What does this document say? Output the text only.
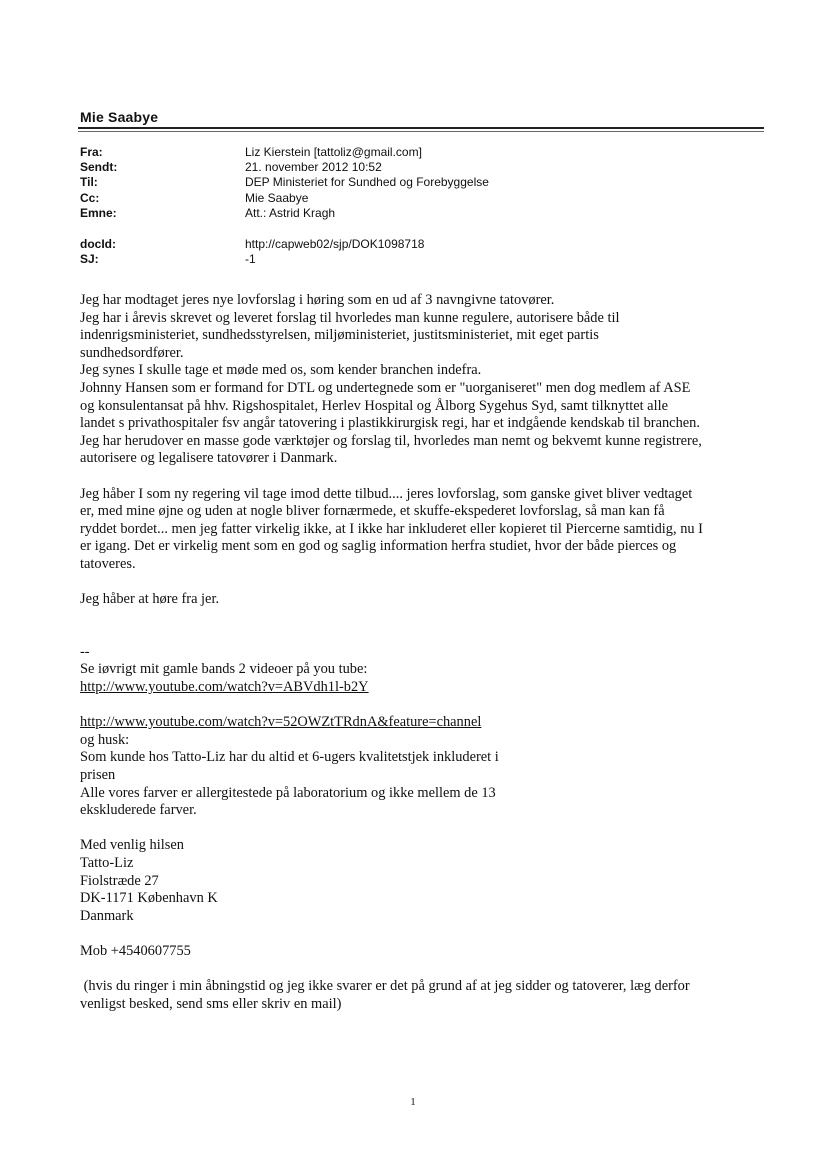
Mie Saabye
Fra:	Liz Kierstein [tattoliz@gmail.com]
Sendt:	21. november 2012 10:52
Til:	DEP Ministeriet for Sundhed og Forebyggelse
Cc:	Mie Saabye
Emne:	Att.: Astrid Kragh
docId:	http://capweb02/sjp/DOK1098718
SJ:	-1

Jeg har modtaget jeres nye lovforslag i høring som en ud af 3 navngivne tatovører.

Jeg har i årevis skrevet og leveret forslag til hvorledes man kunne regulere, autorisere både til

indenrigsministeriet, sundhedsstyrelsen, miljøministeriet, justitsministeriet, mit eget partis

sundhedsordfører.

Jeg synes I skulle tage et møde med os, som kender branchen indefra.

Johnny Hansen som er formand for DTL og undertegnede som er "uorganiseret" men dog medlem af ASE

og konsulentansat på hhv. Rigshospitalet, Herlev Hospital og Ålborg Sygehus Syd, samt tilknyttet alle

landet s privathospitaler fsv angår tatovering i plastikkirurgisk regi, har et indgående kendskab til branchen.

Jeg har herudover en masse gode værktøjer og forslag til, hvorledes man nemt og bekvemt kunne registrere,

autorisere og legalisere tatovører i Danmark.

Jeg håber I som ny regering vil tage imod dette tilbud.... jeres lovforslag, som ganske givet bliver vedtaget

er, med mine øjne og uden at nogle bliver fornærmede, et skuffe-ekspederet lovforslag, så man kan få

ryddet bordet... men jeg fatter virkelig ikke, at I ikke har inkluderet eller kopieret til Piercerne samtidig, nu I

er igang. Det er virkelig ment som en god og saglig information herfra studiet, hvor der både pierces og

tatoveres.

Jeg håber at høre fra jer.

--

Se iøvrigt mit gamle bands 2 videoer på you tube:

http://www.youtube.com/watch?v=ABVdh1l-b2Y

http://www.youtube.com/watch?v=52OWZtTRdnA&feature=channel

og husk:

Som kunde hos Tatto-Liz har du altid et 6-ugers kvalitetstjek inkluderet i

prisen

Alle vores farver er allergitestede på laboratorium og ikke mellem de 13

ekskluderede farver.

Med venlig hilsen

Tatto-Liz

Fiolstræde 27

DK-1171 København K

Danmark

Mob +4540607755

(hvis du ringer i min åbningstid og jeg ikke svarer er det på grund af at jeg sidder og tatoverer, læg derfor

venligst besked, send sms eller skriv en mail)

1
